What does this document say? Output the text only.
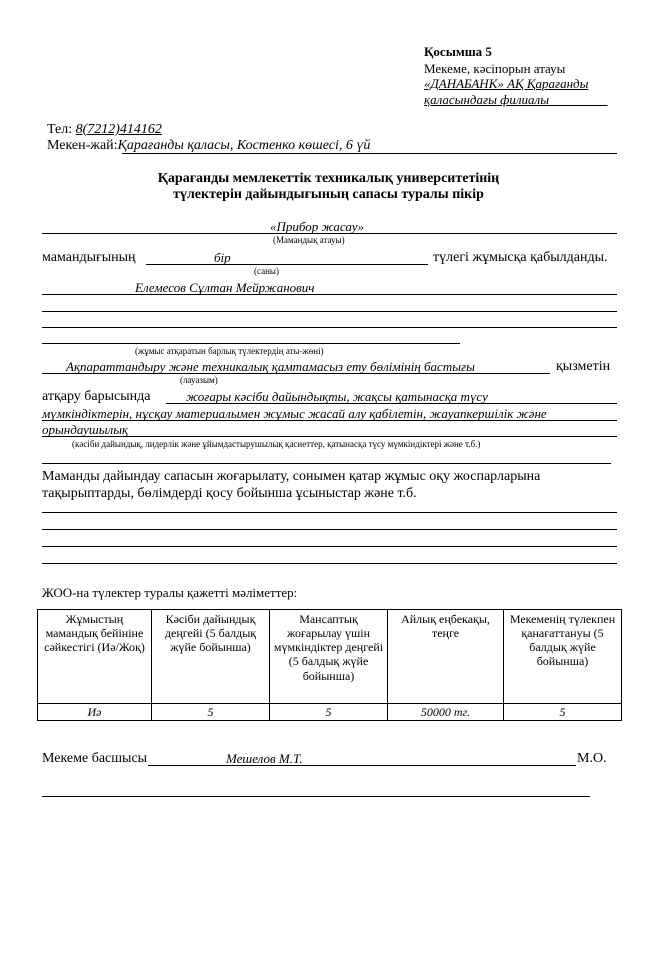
Қосымша 5
Мекеме, кәсіпорын атауы
«ДАНАБАНК» АҚ Қарағанды
қаласындағы филиалы_________
Тел: 8(7212)414162
Мекен-жай:Қарағанды қаласы, Костенко көшесі, 6 үй
Қарағанды мемлекеттік техникалық университетінің
түлектерін дайындығының сапасы туралы пікір
«Прибор жасау»
(Мамандық атауы)
мамандығының	бір	түлегі жұмысқа қабылданды.
(саны)
Елемесов Сұлтан Мейржанович
(жұмыс атқаратын барлық түлектердің аты-жөні)
Ақпараттандыру және техникалық қамтамасыз ету бөлімінің бастығы	қызметін
(лауазым)
атқару барысында	жоғары кәсіби дайындықты, жақсы қатынасқа түсу
мүмкіндіктерін, нұсқау материалымен жұмыс жасай алу қабілетін, жауапкершілік және
орындаушылық
(кәсіби дайындық, лидерлік және ұйымдастырушылық қасиеттер, қатынасқа түсу мүмкіндіктері және т.б.)
Маманды дайындау сапасын жоғарылату, сонымен қатар жұмыс оқу жоспарларына
тақырыптарды, бөлімдерді қосу бойынша ұсыныстар және т.б.
ЖОО-на түлектер туралы қажетті мәліметтер:
Жұмыстың мамандық бейініне сәйкестігі (Иә/Жоқ)	Кәсіби дайындық деңгейі (5 балдық жүйе бойынша)	Мансаптық жоғарылау үшін мүмкіндіктер деңгейі (5 балдық жүйе бойынша)	Айлық еңбекақы, теңге	Мекеменің түлекпен қанағаттануы (5 балдық жүйе бойынша)
Иә	5	5	50000 тг.	5
Мекеме басшысы	Мешелов М.Т.	М.О.
